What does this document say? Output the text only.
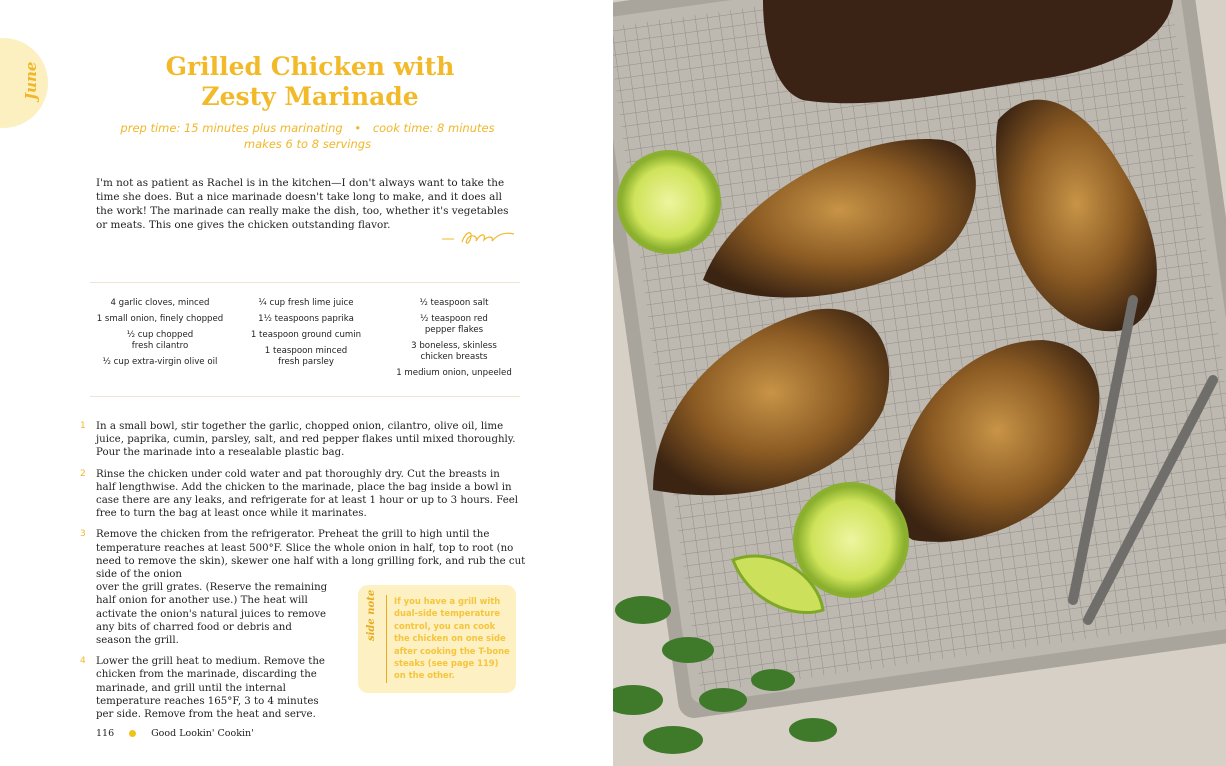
June	Grilled Chicken with
Zesty Marinade
prep time: 15 minutes plus marinating • cook time: 8 minutes
makes 6 to 8 servings

I'm not as patient as Rachel is in the kitchen—I don't always want to take the time she does. But a nice marinade doesn't take long to make, and it does all the work! The marinade can really make the dish, too, whether it's vegetables or meats. This one gives the chicken outstanding flavor.

4 garlic cloves, minced
1 small onion, finely chopped
½ cup chopped fresh cilantro
½ cup extra-virgin olive oil
¼ cup fresh lime juice
1½ teaspoons paprika
1 teaspoon ground cumin
1 teaspoon minced fresh parsley
½ teaspoon salt
½ teaspoon red pepper flakes
3 boneless, skinless chicken breasts
1 medium onion, unpeeled
1 In a small bowl, stir together the garlic, chopped onion, cilantro, olive oil, lime juice, paprika, cumin, parsley, salt, and red pepper flakes until mixed thoroughly. Pour the marinade into a resealable plastic bag.
2 Rinse the chicken under cold water and pat thoroughly dry. Cut the breasts in half lengthwise. Add the chicken to the marinade, place the bag inside a bowl in case there are any leaks, and refrigerate for at least 1 hour or up to 3 hours. Feel free to turn the bag at least once while it marinates.
3 Remove the chicken from the refrigerator. Preheat the grill to high until the temperature reaches at least 500°F. Slice the whole onion in half, top to root (no need to remove the skin), skewer one half with a long grilling fork, and rub the cut side of the onion
over the grill grates. (Reserve the remaining half onion for another use.) The heat will activate the onion's natural juices to remove any bits of charred food or debris and season the grill.
4 Lower the grill heat to medium. Remove the chicken from the marinade, discarding the marinade, and grill until the internal temperature reaches 165°F, 3 to 4 minutes per side. Remove from the heat and serve.
side note If you have a grill with dual-side temperature control, you can cook the chicken on one side after cooking the T-bone steaks (see page 119) on the other.
116	Good Lookin' Cookin'
